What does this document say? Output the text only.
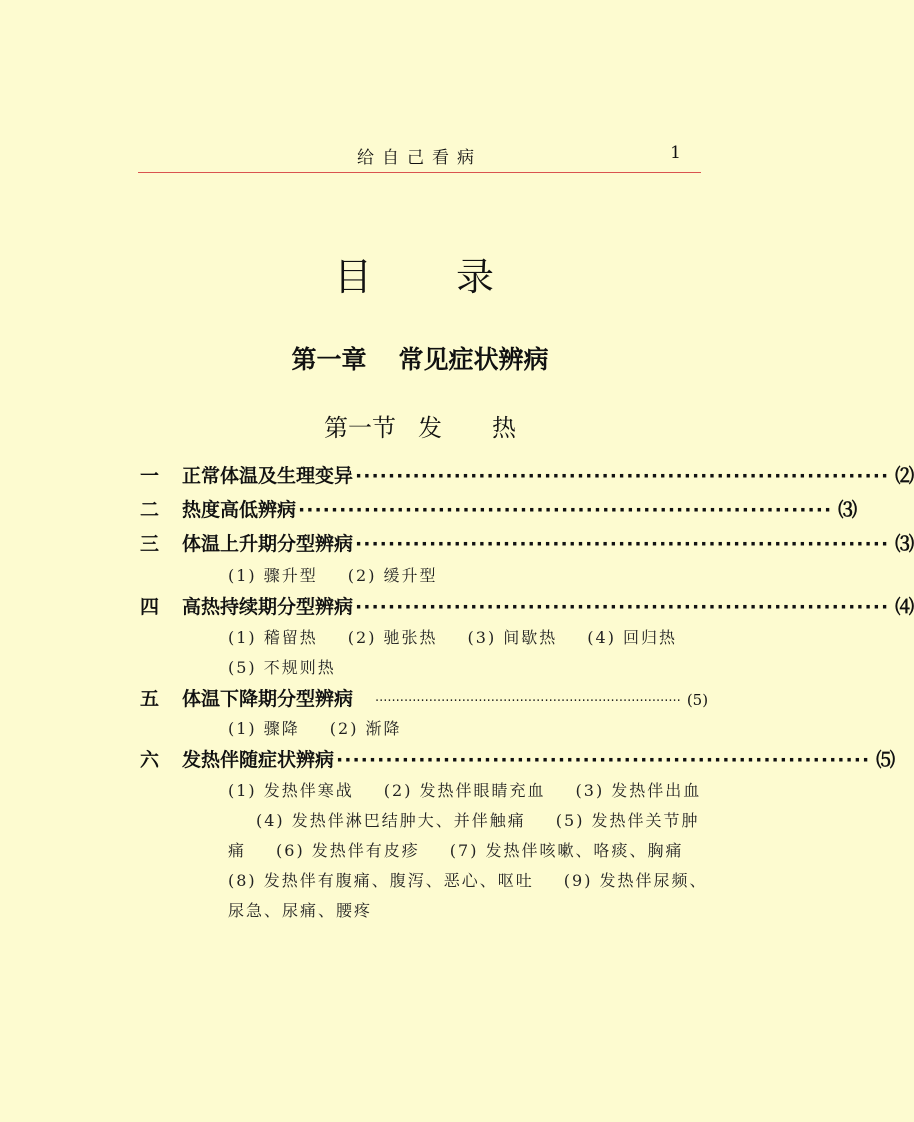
给自己看病	1
目 录
第一章 常见症状辨病
第一节 发 热
一 正常体温及生理变异 ································································· ⑵
二 热度高低辨病 ································································· ⑶
三 体温上升期分型辨病 ································································· ⑶
(1) 骤升型 (2) 缓升型
四 高热持续期分型辨病 ································································· ⑷
(1) 稽留热 (2) 驰张热 (3) 间歇热 (4) 回归热
(5) 不规则热
五 体温下降期分型辨病 ·········································································· (5)
(1) 骤降 (2) 渐降
六 发热伴随症状辨病 ································································· ⑸
(1) 发热伴寒战 (2) 发热伴眼睛充血 (3) 发热伴出血
(4) 发热伴淋巴结肿大、并伴触痛 (5) 发热伴关节肿
痛 (6) 发热伴有皮疹 (7) 发热伴咳嗽、咯痰、胸痛
(8) 发热伴有腹痛、腹泻、恶心、呕吐 (9) 发热伴尿频、
尿急、尿痛、腰疼
